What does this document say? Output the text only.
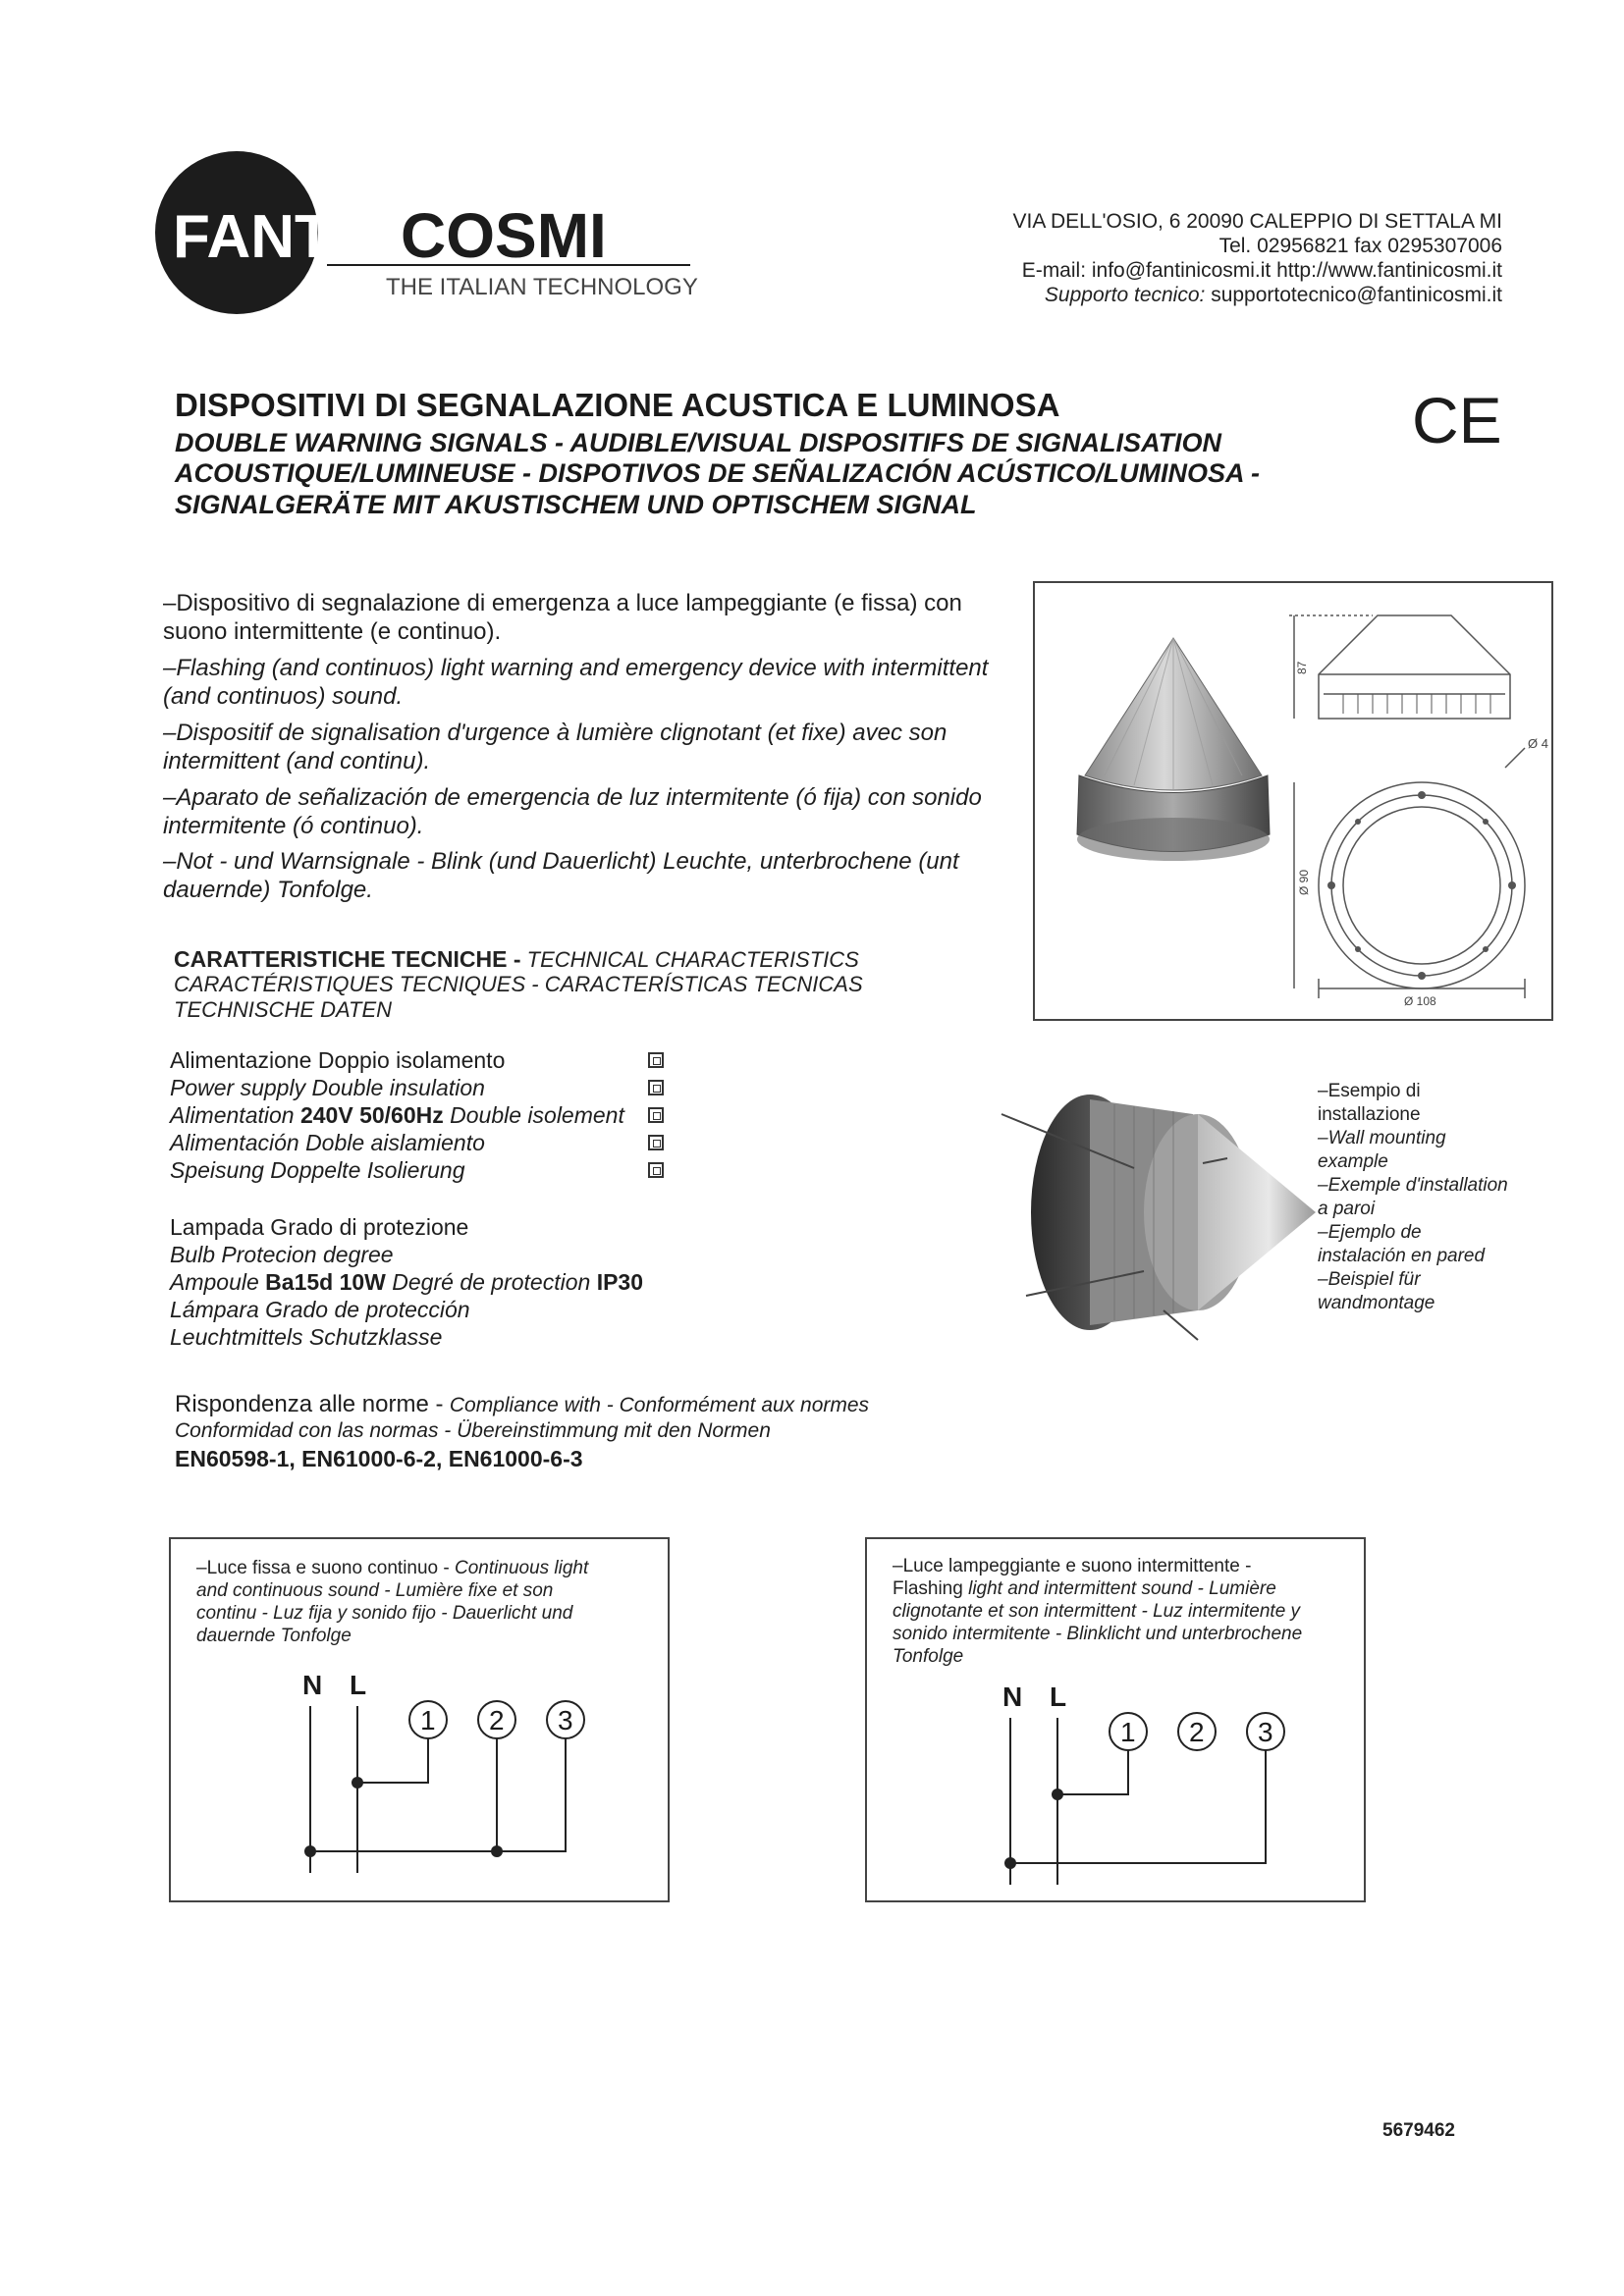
FANTINI
COSMI
THE ITALIAN TECHNOLOGY
VIA DELL'OSIO, 6 20090 CALEPPIO DI SETTALA MI
Tel. 02956821 fax 0295307006
E-mail: info@fantinicosmi.it http://www.fantinicosmi.it
Supporto tecnico: supportotecnico@fantinicosmi.it
DISPOSITIVI DI SEGNALAZIONE ACUSTICA E LUMINOSA
DOUBLE WARNING SIGNALS - AUDIBLE/VISUAL DISPOSITIFS DE SIGNALISATION
ACOUSTIQUE/LUMINEUSE - DISPOTIVOS DE SEÑALIZACIÓN ACÚSTICO/LUMINOSA -
SIGNALGERÄTE MIT AKUSTISCHEM UND OPTISCHEM SIGNAL
CE
–Dispositivo di segnalazione di emergenza a luce lampeggiante (e fissa) con suono intermittente (e continuo).
–Flashing (and continuos) light warning and emergency device with intermittent (and continuos) sound.
–Dispositif de signalisation d'urgence à lumière clignotant (et fixe) avec son intermittent (and continu).
–Aparato de señalización de emergencia de luz intermitente (ó fija) con sonido intermitente (ó continuo).
–Not - und Warnsignale - Blink (und Dauerlicht) Leuchte, unterbrochene (unt dauernde) Tonfolge.
87
Ø 4
Ø 90
Ø 108
CARATTERISTICHE TECNICHE - TECHNICAL CHARACTERISTICS
CARACTÉRISTIQUES TECNIQUES - CARACTERÍSTICAS TECNICAS
TECHNISCHE DATEN
Alimentazione Doppio isolamento
Power supply Double insulation
Alimentation 240V 50/60Hz Double isolement
Alimentación Doble aislamiento
Speisung Doppelte Isolierung
Lampada Grado di protezione
Bulb Protecion degree
Ampoule Ba15d 10W Degré de protection IP30
Lámpara Grado de protección
Leuchtmittels Schutzklasse
Rispondenza alle norme - Compliance with - Conformément aux normes
Conformidad con las normas - Übereinstimmung mit den Normen
EN60598-1, EN61000-6-2, EN61000-6-3
–Esempio di installazione
–Wall mounting example
–Exemple d'installation a paroi
–Ejemplo de instalación en pared
–Beispiel für wandmontage
–Luce fissa e suono continuo - Continuous light
and continuous sound - Lumière fixe et son
continu - Luz fija y sonido fijo - Dauerlicht und
dauernde Tonfolge
N L
1 2 3
–Luce lampeggiante e suono intermittente -
Flashing light and intermittent sound - Lumière
clignotante et son intermittent - Luz intermitente y
sonido intermitente - Blinklicht und unterbrochene
Tonfolge
N L
1 2 3
5679462
